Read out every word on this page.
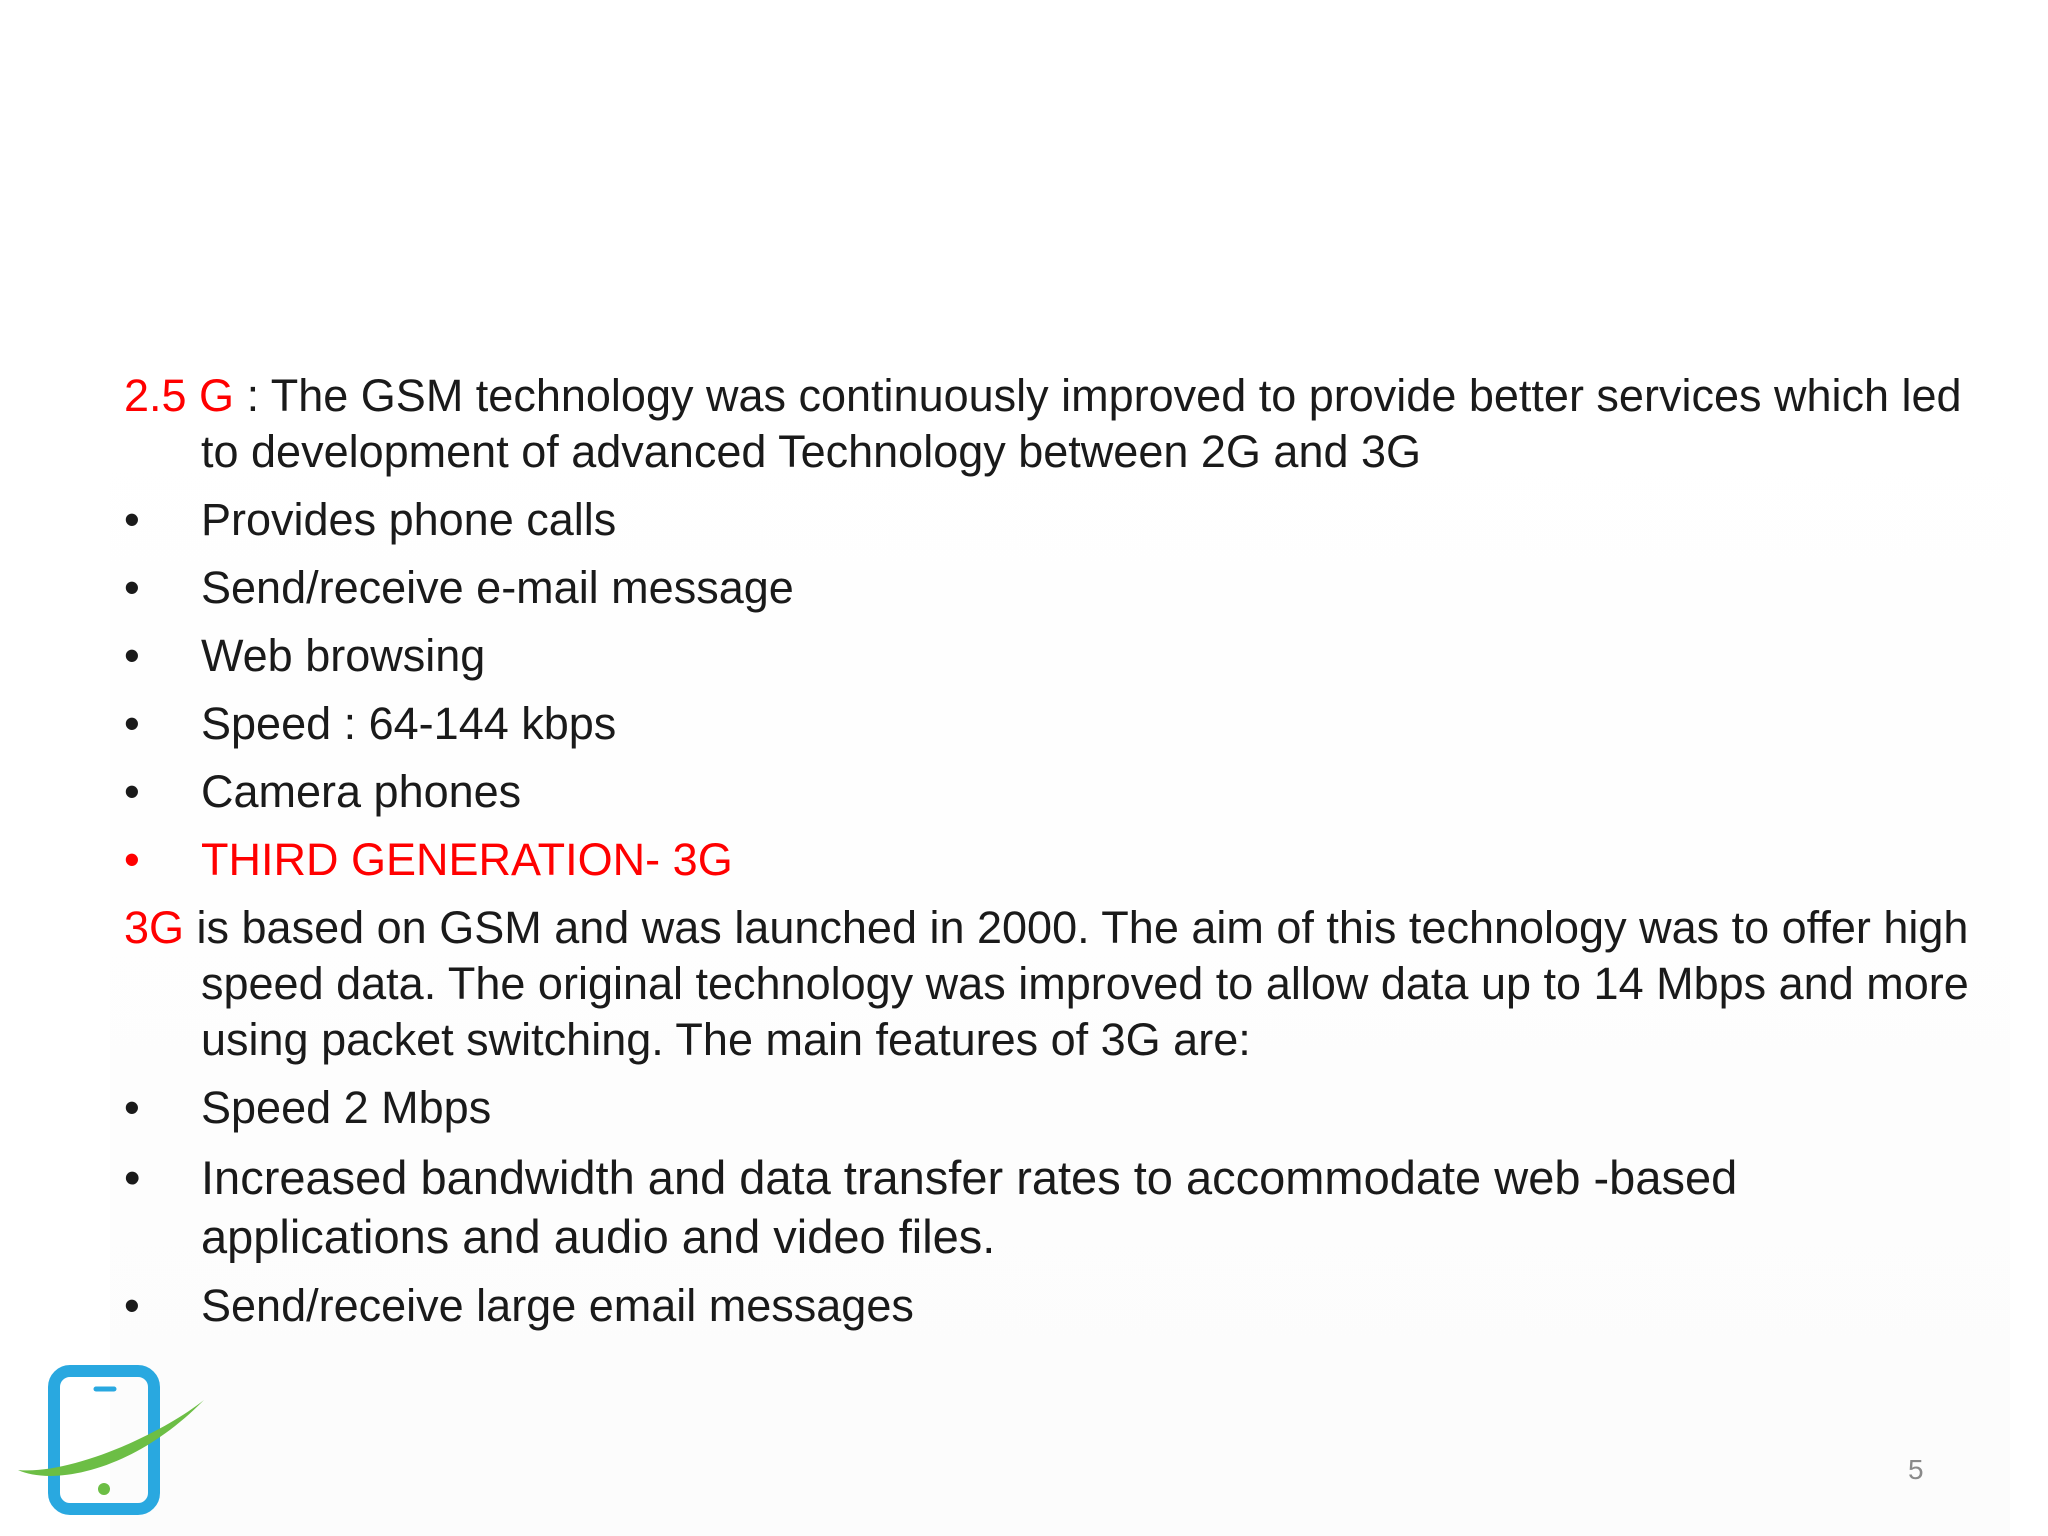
2.5 G : The GSM technology was continuously improved to provide better services which led to development of advanced Technology between 2G and 3G

•	Provides phone calls
•	Send/receive e-mail message
•	Web browsing
•	Speed : 64-144 kbps
•	Camera phones
•	THIRD GENERATION- 3G

3G is based on GSM and was launched in 2000. The aim of this technology was to offer high speed data. The original technology was improved to allow data up to 14 Mbps and more using packet switching. The main features of 3G are:

•	Speed 2 Mbps
• Increased bandwidth and data transfer rates to accommodate web -based applications and audio and video files.
•	Send/receive large email messages
5
